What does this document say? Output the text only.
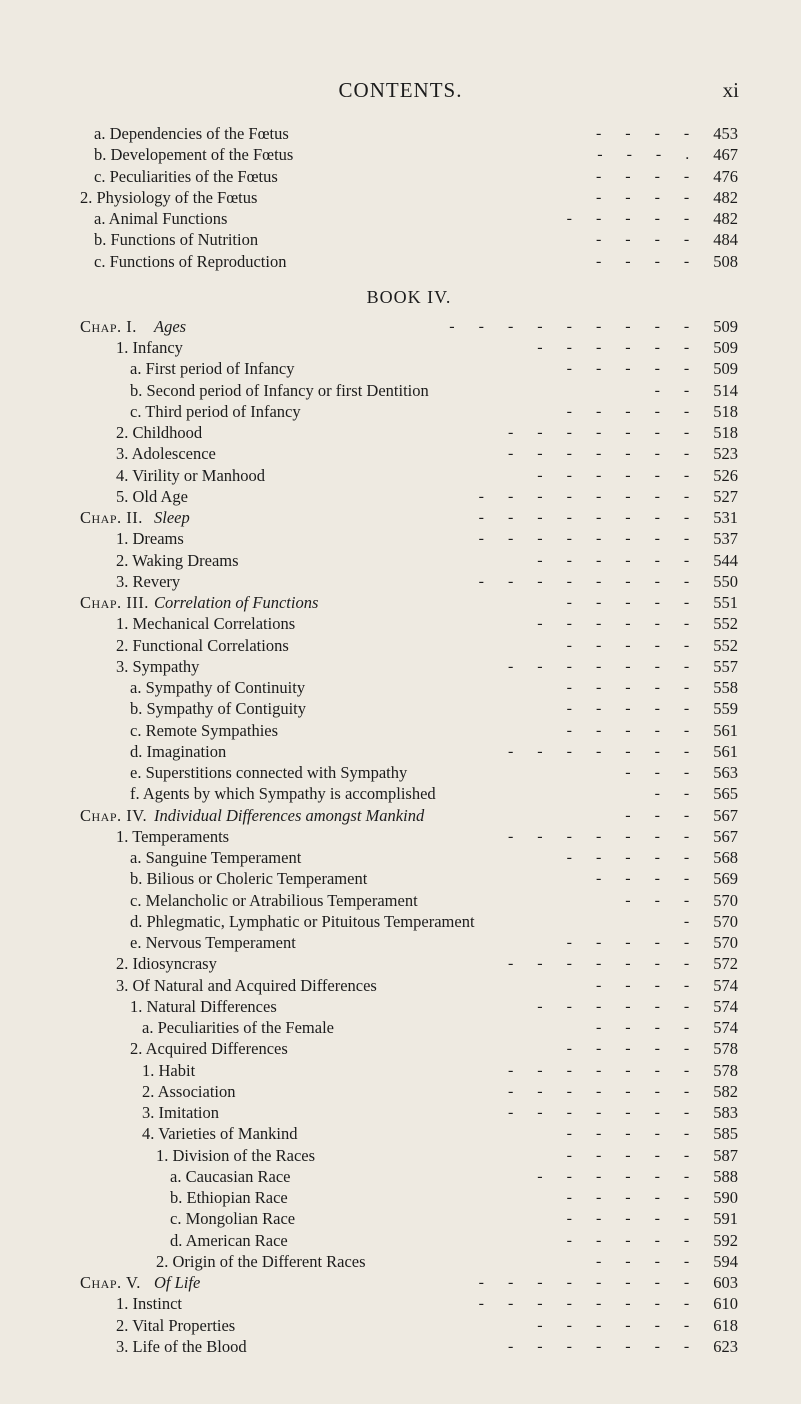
CONTENTS.	xi
a. Dependencies of the Fœtus	453
- - - -
b. Developement of the Fœtus	467
- - - .
c. Peculiarities of the Fœtus	476
- - - -
2. Physiology of the Fœtus	482
- - - -
a. Animal Functions	482
- - - - -
b. Functions of Nutrition	484
- - - -
c. Functions of Reproduction	508
- - - -
BOOK IV.
Chap. I. Ages	509
- - - - - - - - -
1. Infancy	509
- - - - - -
a. First period of Infancy	509
- - - - -
b. Second period of Infancy or first Dentition	514
- -
c. Third period of Infancy	518
- - - - -
2. Childhood	518
- - - - - - -
3. Adolescence	523
- - - - - - -
4. Virility or Manhood	526
- - - - - -
5. Old Age	527
- - - - - - - -
Chap. II. Sleep	531
- - - - - - - -
1. Dreams	537
- - - - - - - -
2. Waking Dreams	544
- - - - - -
3. Revery	550
- - - - - - - -
Chap. III. Correlation of Functions	551
- - - - -
1. Mechanical Correlations	552
- - - - - -
2. Functional Correlations	552
- - - - -
3. Sympathy	557
- - - - - - -
a. Sympathy of Continuity	558
- - - - -
b. Sympathy of Contiguity	559
- - - - -
c. Remote Sympathies	561
- - - - -
d. Imagination	561
- - - - - - -
e. Superstitions connected with Sympathy	563
- - -
f. Agents by which Sympathy is accomplished	565
- -
Chap. IV. Individual Differences amongst Mankind	567
- - -
1. Temperaments	567
- - - - - - -
a. Sanguine Temperament	568
- - - - -
b. Bilious or Choleric Temperament	569
- - - -
c. Melancholic or Atrabilious Temperament	570
- - -
d. Phlegmatic, Lymphatic or Pituitous Temperament	570
-
e. Nervous Temperament	570
- - - - -
2. Idiosyncrasy	572
- - - - - - -
3. Of Natural and Acquired Differences	574
- - - -
1. Natural Differences	574
- - - - - -
a. Peculiarities of the Female	574
- - - -
2. Acquired Differences	578
- - - - -
1. Habit	578
- - - - - - -
2. Association	582
- - - - - - -
3. Imitation	583
- - - - - - -
4. Varieties of Mankind	585
- - - - -
1. Division of the Races	587
- - - - -
a. Caucasian Race	588
- - - - - -
b. Ethiopian Race	590
- - - - -
c. Mongolian Race	591
- - - - -
d. American Race	592
- - - - -
2. Origin of the Different Races	594
- - - -
Chap. V. Of Life	603
- - - - - - - -
1. Instinct	610
- - - - - - - -
2. Vital Properties	618
- - - - - -
3. Life of the Blood	623
- - - - - - -
